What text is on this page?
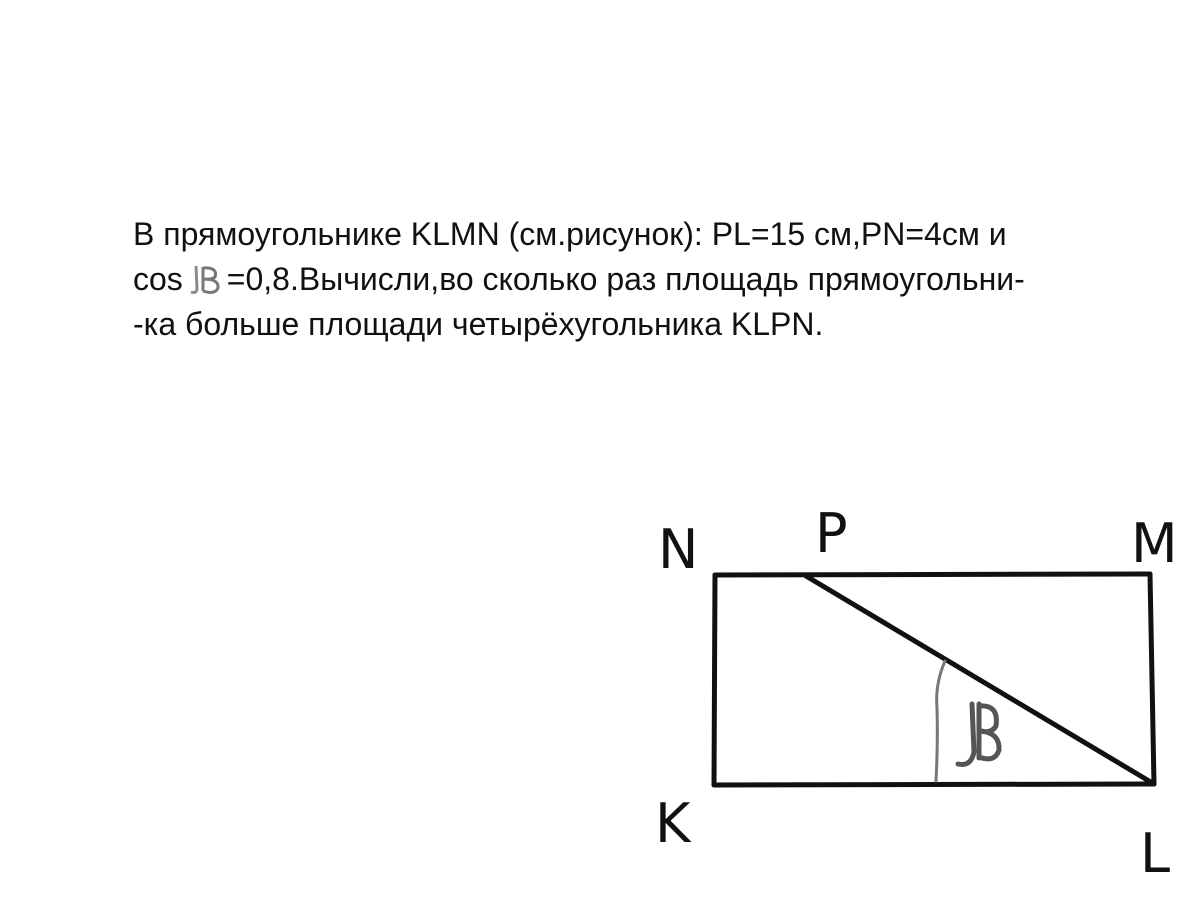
В прямоугольнике KLMN (см.рисунок): PL=15 см,PN=4см и
cos =0,8.Вычисли,во сколько раз площадь прямоугольни-
-ка больше площади четырёхугольника KLPN.
N P	M
K	L
